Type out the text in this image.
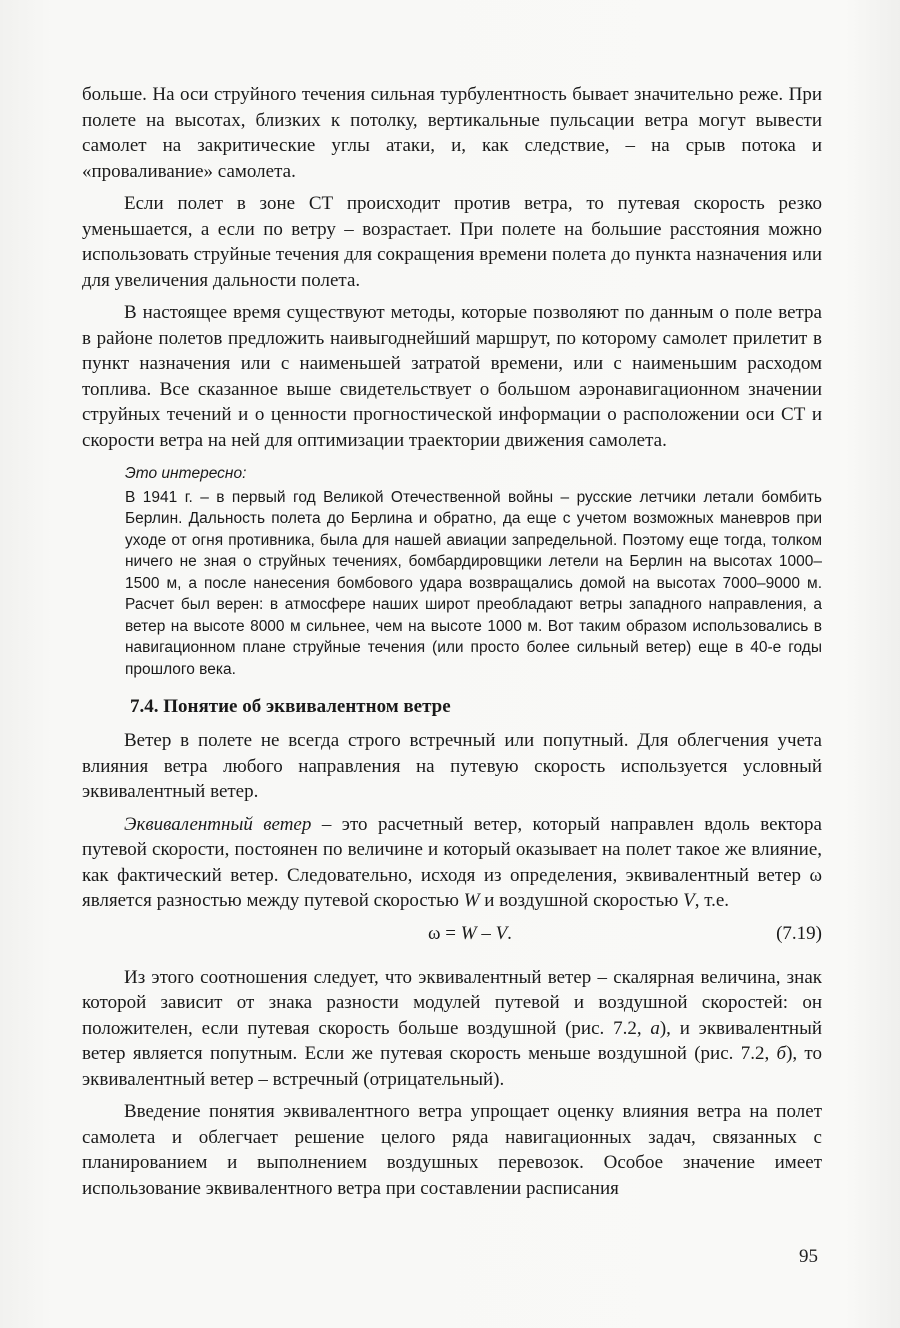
больше. На оси струйного течения сильная турбулентность бывает значительно реже. При полете на высотах, близких к потолку, вертикальные пульсации ветра могут вывести самолет на закритические углы атаки, и, как следствие, – на срыв потока и «проваливание» самолета.

Если полет в зоне СТ происходит против ветра, то путевая скорость резко уменьшается, а если по ветру – возрастает. При полете на большие расстояния можно использовать струйные течения для сокращения времени полета до пункта назначения или для увеличения дальности полета.

В настоящее время существуют методы, которые позволяют по данным о поле ветра в районе полетов предложить наивыгоднейший маршрут, по которому самолет прилетит в пункт назначения или с наименьшей затратой времени, или с наименьшим расходом топлива. Все сказанное выше свидетельствует о большом аэронавигационном значении струйных течений и о ценности прогностической информации о расположении оси СТ и скорости ветра на ней для оптимизации траектории движения самолета.

Это интересно:
В 1941 г. – в первый год Великой Отечественной войны – русские летчики летали бомбить Берлин. Дальность полета до Берлина и обратно, да еще с учетом возможных маневров при уходе от огня противника, была для нашей авиации запредельной. Поэтому еще тогда, толком ничего не зная о струйных течениях, бомбардировщики летели на Берлин на высотах 1000–1500 м, а после нанесения бомбового удара возвращались домой на высотах 7000–9000 м. Расчет был верен: в атмосфере наших широт преобладают ветры западного направления, а ветер на высоте 8000 м сильнее, чем на высоте 1000 м. Вот таким образом использовались в навигационном плане струйные течения (или просто более сильный ветер) еще в 40-е годы прошлого века.
7.4. Понятие об эквивалентном ветре

Ветер в полете не всегда строго встречный или попутный. Для облегчения учета влияния ветра любого направления на путевую скорость используется условный эквивалентный ветер.

Эквивалентный ветер – это расчетный ветер, который направлен вдоль вектора путевой скорости, постоянен по величине и который оказывает на полет такое же влияние, как фактический ветер. Следовательно, исходя из определения, эквивалентный ветер ω является разностью между путевой скоростью W и воздушной скоростью V, т.е.

ω = W – V.	(7.19)

Из этого соотношения следует, что эквивалентный ветер – скалярная величина, знак которой зависит от знака разности модулей путевой и воздушной скоростей: он положителен, если путевая скорость больше воздушной (рис. 7.2, а), и эквивалентный ветер является попутным. Если же путевая скорость меньше воздушной (рис. 7.2, б), то эквивалентный ветер – встречный (отрицательный).

Введение понятия эквивалентного ветра упрощает оценку влияния ветра на полет самолета и облегчает решение целого ряда навигационных задач, связанных с планированием и выполнением воздушных перевозок. Особое значение имеет использование эквивалентного ветра при составлении расписания

95
